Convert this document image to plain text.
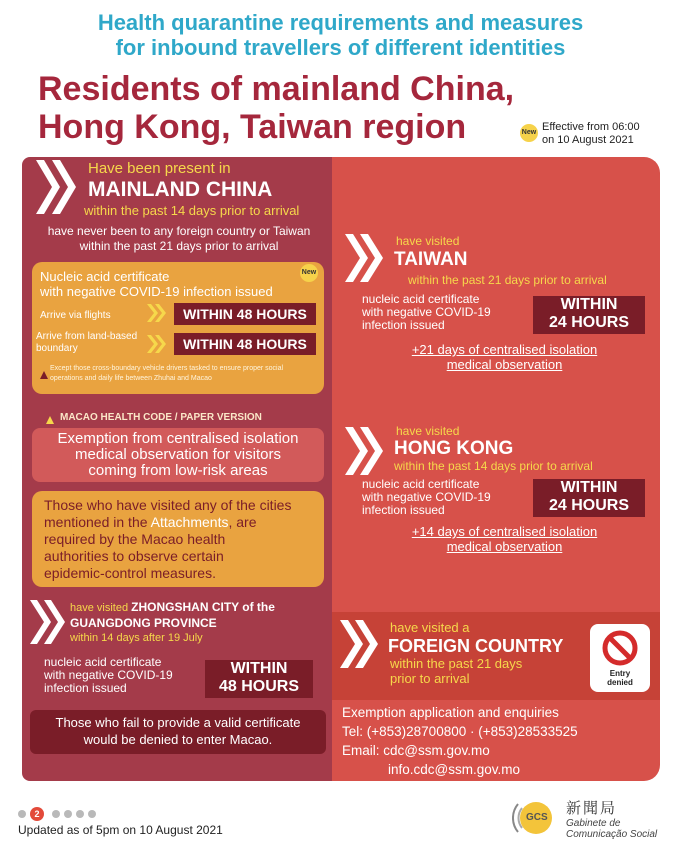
Health quarantine requirements and measures
for inbound travellers of different identities
Residents of mainland China,
Hong Kong, Taiwan region	New Effective from 06:00
on 10 August 2021
Have been present in
MAINLAND CHINA
within the past 14 days prior to arrival
have never been to any foreign country or Taiwan
within the past 21 days prior to arrival
Nucleic acid certificate
with negative COVID-19 infection issued
New
Arrive via flights	WITHIN 48 HOURS
Arrive from land-based
boundary	WITHIN 48 HOURS
Except those cross-boundary vehicle drivers tasked to ensure proper social
operations and daily life between Zhuhai and Macao
MACAO HEALTH CODE / PAPER VERSION
Exemption from centralised isolation
medical observation for visitors
coming from low-risk areas
Those who have visited any of the cities
mentioned in the Attachments, are
required by the Macao health
authorities to observe certain
epidemic-control measures.
have visited ZHONGSHAN CITY of the
GUANGDONG PROVINCE
within 14 days after 19 July
nucleic acid certificate
with negative COVID-19
infection issued
WITHIN
48 HOURS
Those who fail to provide a valid certificate
would be denied to enter Macao.
have visited
TAIWAN
within the past 21 days prior to arrival
nucleic acid certificate
with negative COVID-19
infection issued
WITHIN
24 HOURS
+21 days of centralised isolation
medical observation
have visited
HONG KONG
within the past 14 days prior to arrival
nucleic acid certificate
with negative COVID-19
infection issued
WITHIN
24 HOURS
+14 days of centralised isolation
medical observation
have visited a
FOREIGN COUNTRY
within the past 21 days
prior to arrival	Entry
denied
Exemption application and enquiries
Tel: (+853)28700800 · (+853)28533525
Email: cdc@ssm.gov.mo
info.cdc@ssm.gov.mo
2
Updated as of 5pm on 10 August 2021
GCS
新聞局
Gabinete de
Comunicação Social
